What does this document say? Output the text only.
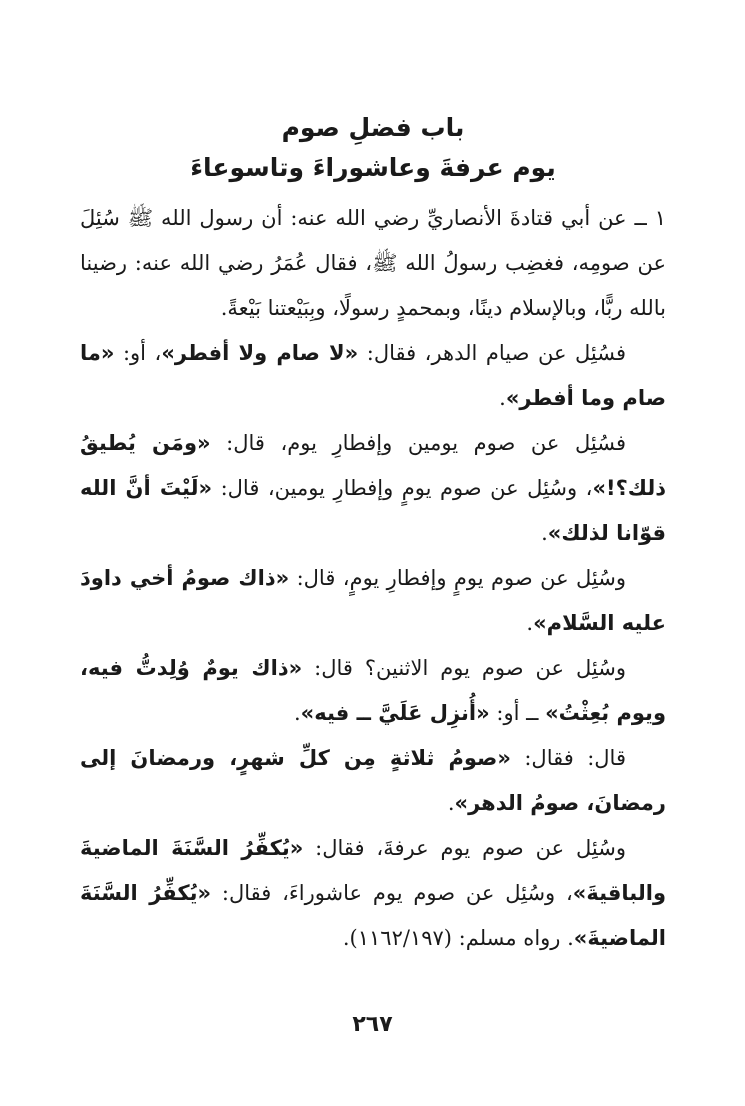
باب فضلِ صوم
يوم عرفةَ وعاشوراءَ وتاسوعاءَ

١ ــ عن أبي قتادةَ الأنصاريِّ رضي الله عنه: أن رسول الله ﷺ سُئِلَ عن صومِه، فغضِب رسولُ الله ﷺ، فقال عُمَرُ رضي الله عنه: رضينا بالله ربًّا، وبالإسلام دينًا، وبمحمدٍ رسولًا، وبِبَيْعتنا بَيْعةً.

فسُئِل عن صيام الدهر، فقال: «لا صام ولا أفطر»، أو: «ما صام وما أفطر».

فسُئِل عن صوم يومين وإفطارِ يوم، قال: «ومَن يُطيقُ ذلك؟!»، وسُئِل عن صوم يومٍ وإفطارِ يومين، قال: «لَيْتَ أنَّ الله قوّانا لذلك».

وسُئِل عن صوم يومٍ وإفطارِ يومٍ، قال: «ذاك صومُ أخي داودَ عليه السَّلام».

وسُئِل عن صوم يوم الاثنين؟ قال: «ذاك يومٌ وُلِدتُّ فيه، ويوم بُعِثْتُ» ــ أو: «أُنزِل عَلَيَّ ــ فيه».

قال: فقال: «صومُ ثلاثةٍ مِن كلِّ شهرٍ، ورمضانَ إلى رمضانَ، صومُ الدهر».

وسُئِل عن صوم يوم عرفةَ، فقال: «يُكفِّرُ السَّنَةَ الماضيةَ والباقيةَ»، وسُئِل عن صوم يوم عاشوراءَ، فقال: «يُكفِّرُ السَّنَةَ الماضيةَ». رواه مسلم: (١١٦٢/١٩٧).

٢٦٧
